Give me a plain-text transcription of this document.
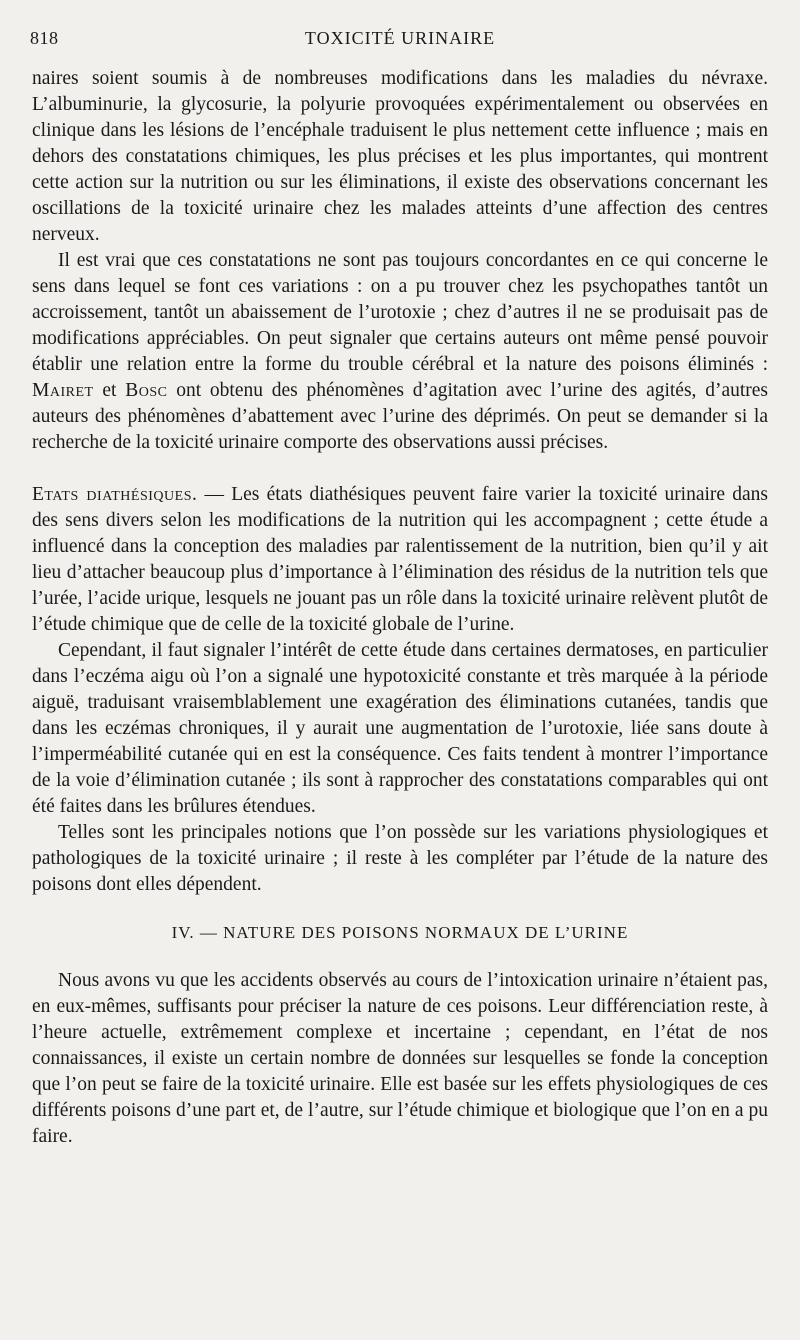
818	TOXICITÉ URINAIRE

naires soient soumis à de nombreuses modifications dans les maladies du névraxe. L’albuminurie, la glycosurie, la polyurie provoquées expérimentalement ou observées en clinique dans les lésions de l’encéphale traduisent le plus nettement cette influence ; mais en dehors des constatations chimiques, les plus précises et les plus importantes, qui montrent cette action sur la nutrition ou sur les éliminations, il existe des observations concernant les oscillations de la toxicité urinaire chez les malades atteints d’une affection des centres nerveux.

Il est vrai que ces constatations ne sont pas toujours concordantes en ce qui concerne le sens dans lequel se font ces variations : on a pu trouver chez les psychopathes tantôt un accroissement, tantôt un abaissement de l’urotoxie ; chez d’autres il ne se produisait pas de modifications appréciables. On peut signaler que certains auteurs ont même pensé pouvoir établir une relation entre la forme du trouble cérébral et la nature des poisons éliminés : Mairet et Bosc ont obtenu des phénomènes d’agitation avec l’urine des agités, d’autres auteurs des phénomènes d’abattement avec l’urine des déprimés. On peut se demander si la recherche de la toxicité urinaire comporte des observations aussi précises.

Etats diathésiques. — Les états diathésiques peuvent faire varier la toxicité urinaire dans des sens divers selon les modifications de la nutrition qui les accompagnent ; cette étude a influencé dans la conception des maladies par ralentissement de la nutrition, bien qu’il y ait lieu d’attacher beaucoup plus d’importance à l’élimination des résidus de la nutrition tels que l’urée, l’acide urique, lesquels ne jouant pas un rôle dans la toxicité urinaire relèvent plutôt de l’étude chimique que de celle de la toxicité globale de l’urine.

Cependant, il faut signaler l’intérêt de cette étude dans certaines dermatoses, en particulier dans l’eczéma aigu où l’on a signalé une hypotoxicité constante et très marquée à la période aiguë, traduisant vraisemblablement une exagération des éliminations cutanées, tandis que dans les eczémas chroniques, il y aurait une augmentation de l’urotoxie, liée sans doute à l’imperméabilité cutanée qui en est la conséquence. Ces faits tendent à montrer l’importance de la voie d’élimination cutanée ; ils sont à rapprocher des constatations comparables qui ont été faites dans les brûlures étendues.

Telles sont les principales notions que l’on possède sur les variations physiologiques et pathologiques de la toxicité urinaire ; il reste à les compléter par l’étude de la nature des poisons dont elles dépendent.

IV. — NATURE DES POISONS NORMAUX DE L’URINE

Nous avons vu que les accidents observés au cours de l’intoxication urinaire n’étaient pas, en eux-mêmes, suffisants pour préciser la nature de ces poisons. Leur différenciation reste, à l’heure actuelle, extrêmement complexe et incertaine ; cependant, en l’état de nos connaissances, il existe un certain nombre de données sur lesquelles se fonde la conception que l’on peut se faire de la toxicité urinaire. Elle est basée sur les effets physiologiques de ces différents poisons d’une part et, de l’autre, sur l’étude chimique et biologique que l’on en a pu faire.
